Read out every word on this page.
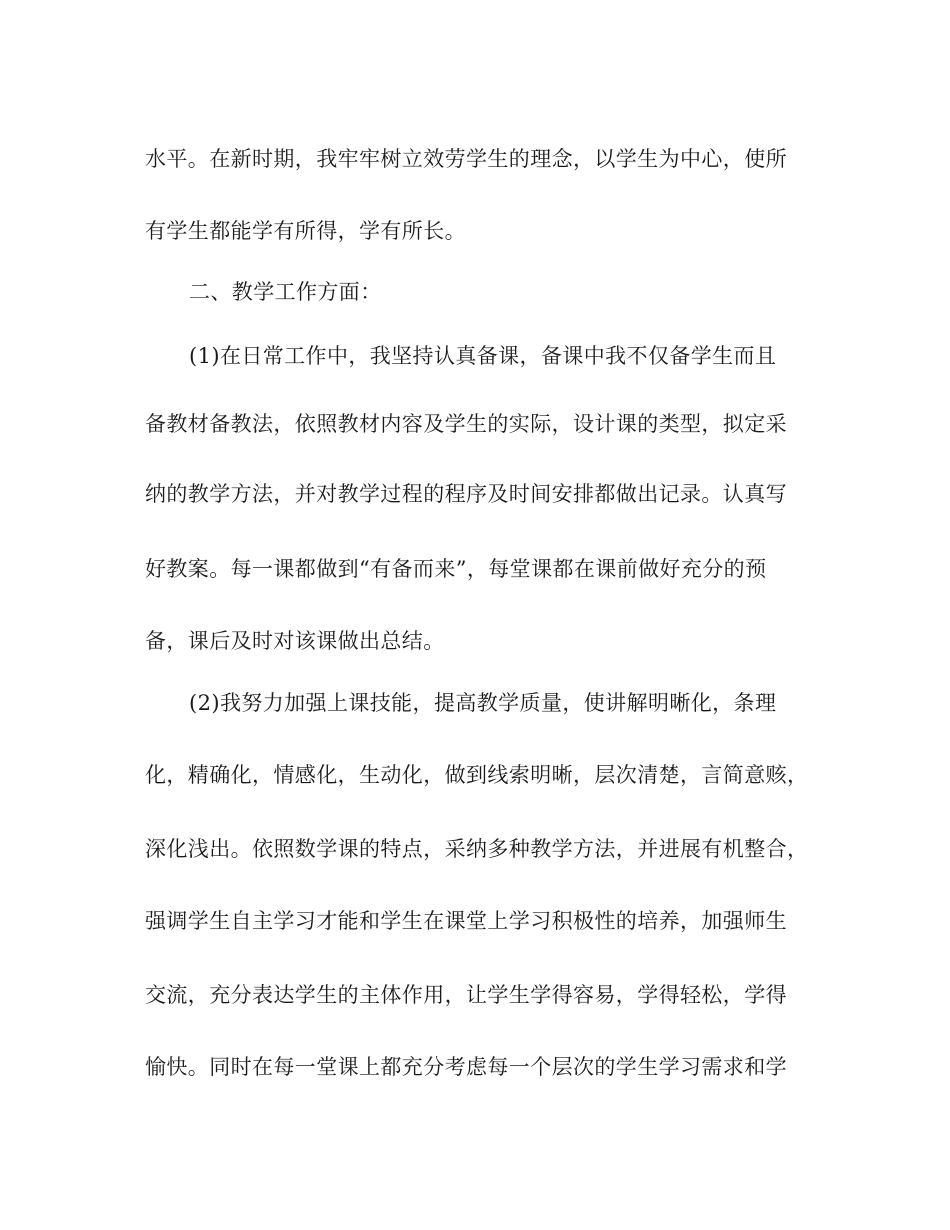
水平。在新时期，我牢牢树立效劳学生的理念，以学生为中心，使所
有学生都能学有所得，学有所长。
二、教学工作方面：
(1)在日常工作中，我坚持认真备课，备课中我不仅备学生而且
备教材备教法，依照教材内容及学生的实际，设计课的类型，拟定采
纳的教学方法，并对教学过程的程序及时间安排都做出记录。认真写
好教案。每一课都做到“有备而来”，每堂课都在课前做好充分的预
备，课后及时对该课做出总结。
(2)我努力加强上课技能，提高教学质量，使讲解明晰化，条理
化，精确化，情感化，生动化，做到线索明晰，层次清楚，言简意赅，
深化浅出。依照数学课的特点，采纳多种教学方法，并进展有机整合，
强调学生自主学习才能和学生在课堂上学习积极性的培养，加强师生
交流，充分表达学生的主体作用，让学生学得容易，学得轻松，学得
愉快。同时在每一堂课上都充分考虑每一个层次的学生学习需求和学
